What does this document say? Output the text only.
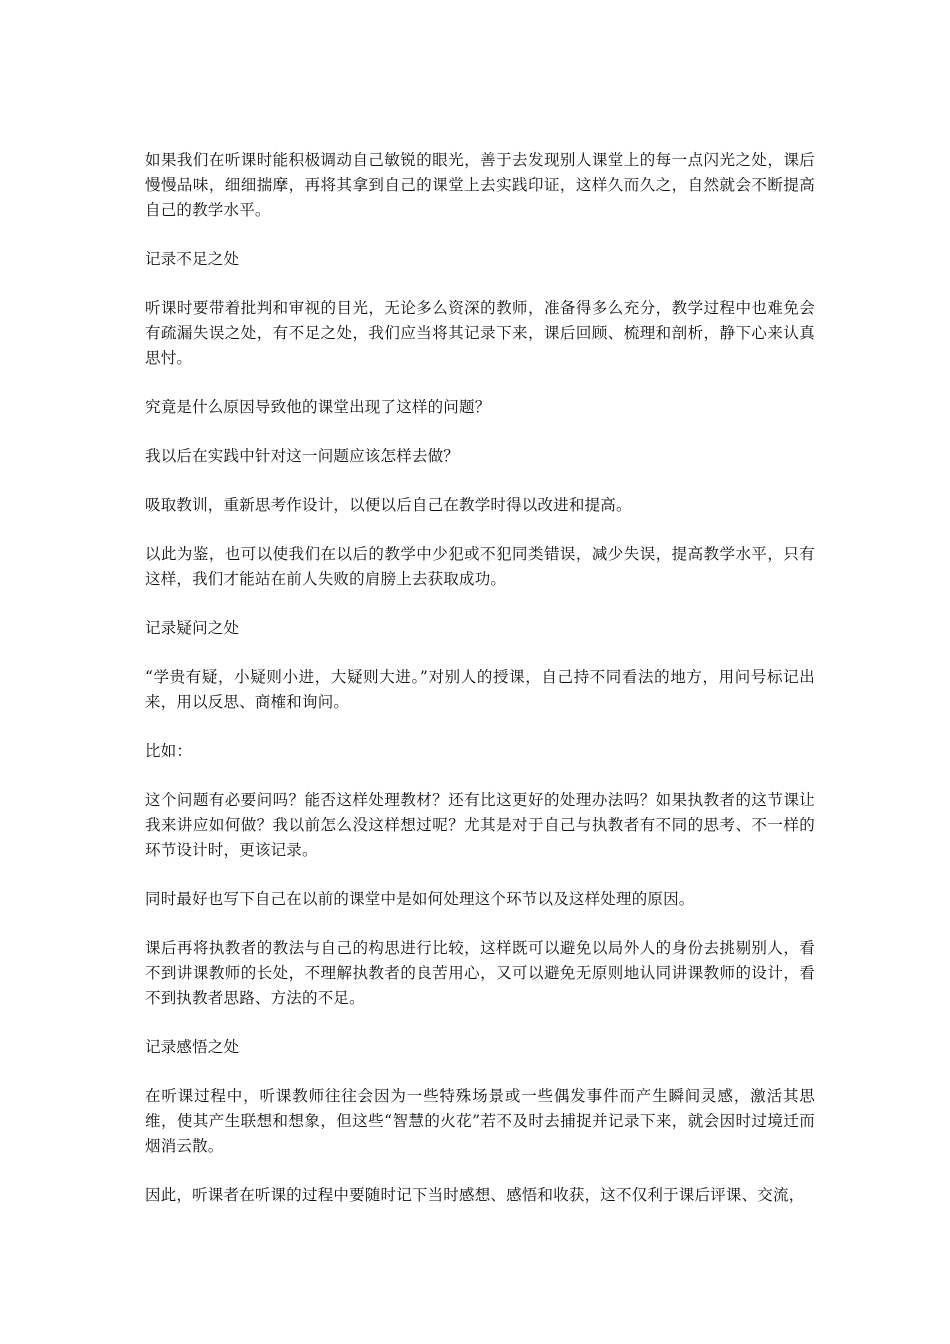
如果我们在听课时能积极调动自己敏锐的眼光，善于去发现别人课堂上的每一点闪光之处，课后慢慢品味，细细揣摩，再将其拿到自己的课堂上去实践印证，这样久而久之，自然就会不断提高自己的教学水平。

记录不足之处

听课时要带着批判和审视的目光，无论多么资深的教师，准备得多么充分，教学过程中也难免会有疏漏失误之处，有不足之处，我们应当将其记录下来，课后回顾、梳理和剖析，静下心来认真思忖。

究竟是什么原因导致他的课堂出现了这样的问题？

我以后在实践中针对这一问题应该怎样去做？

吸取教训，重新思考作设计，以便以后自己在教学时得以改进和提高。

以此为鉴，也可以使我们在以后的教学中少犯或不犯同类错误，减少失误，提高教学水平，只有这样，我们才能站在前人失败的肩膀上去获取成功。

记录疑问之处

“学贵有疑，小疑则小进，大疑则大进。”对别人的授课，自己持不同看法的地方，用问号标记出来，用以反思、商榷和询问。

比如：

这个问题有必要问吗？能否这样处理教材？还有比这更好的处理办法吗？如果执教者的这节课让我来讲应如何做？我以前怎么没这样想过呢？尤其是对于自己与执教者有不同的思考、不一样的环节设计时，更该记录。

同时最好也写下自己在以前的课堂中是如何处理这个环节以及这样处理的原因。

课后再将执教者的教法与自己的构思进行比较，这样既可以避免以局外人的身份去挑剔别人，看不到讲课教师的长处，不理解执教者的良苦用心，又可以避免无原则地认同讲课教师的设计，看不到执教者思路、方法的不足。

记录感悟之处

在听课过程中，听课教师往往会因为一些特殊场景或一些偶发事件而产生瞬间灵感，激活其思维，使其产生联想和想象，但这些“智慧的火花”若不及时去捕捉并记录下来，就会因时过境迁而烟消云散。

因此，听课者在听课的过程中要随时记下当时感想、感悟和收获，这不仅利于课后评课、交流，
